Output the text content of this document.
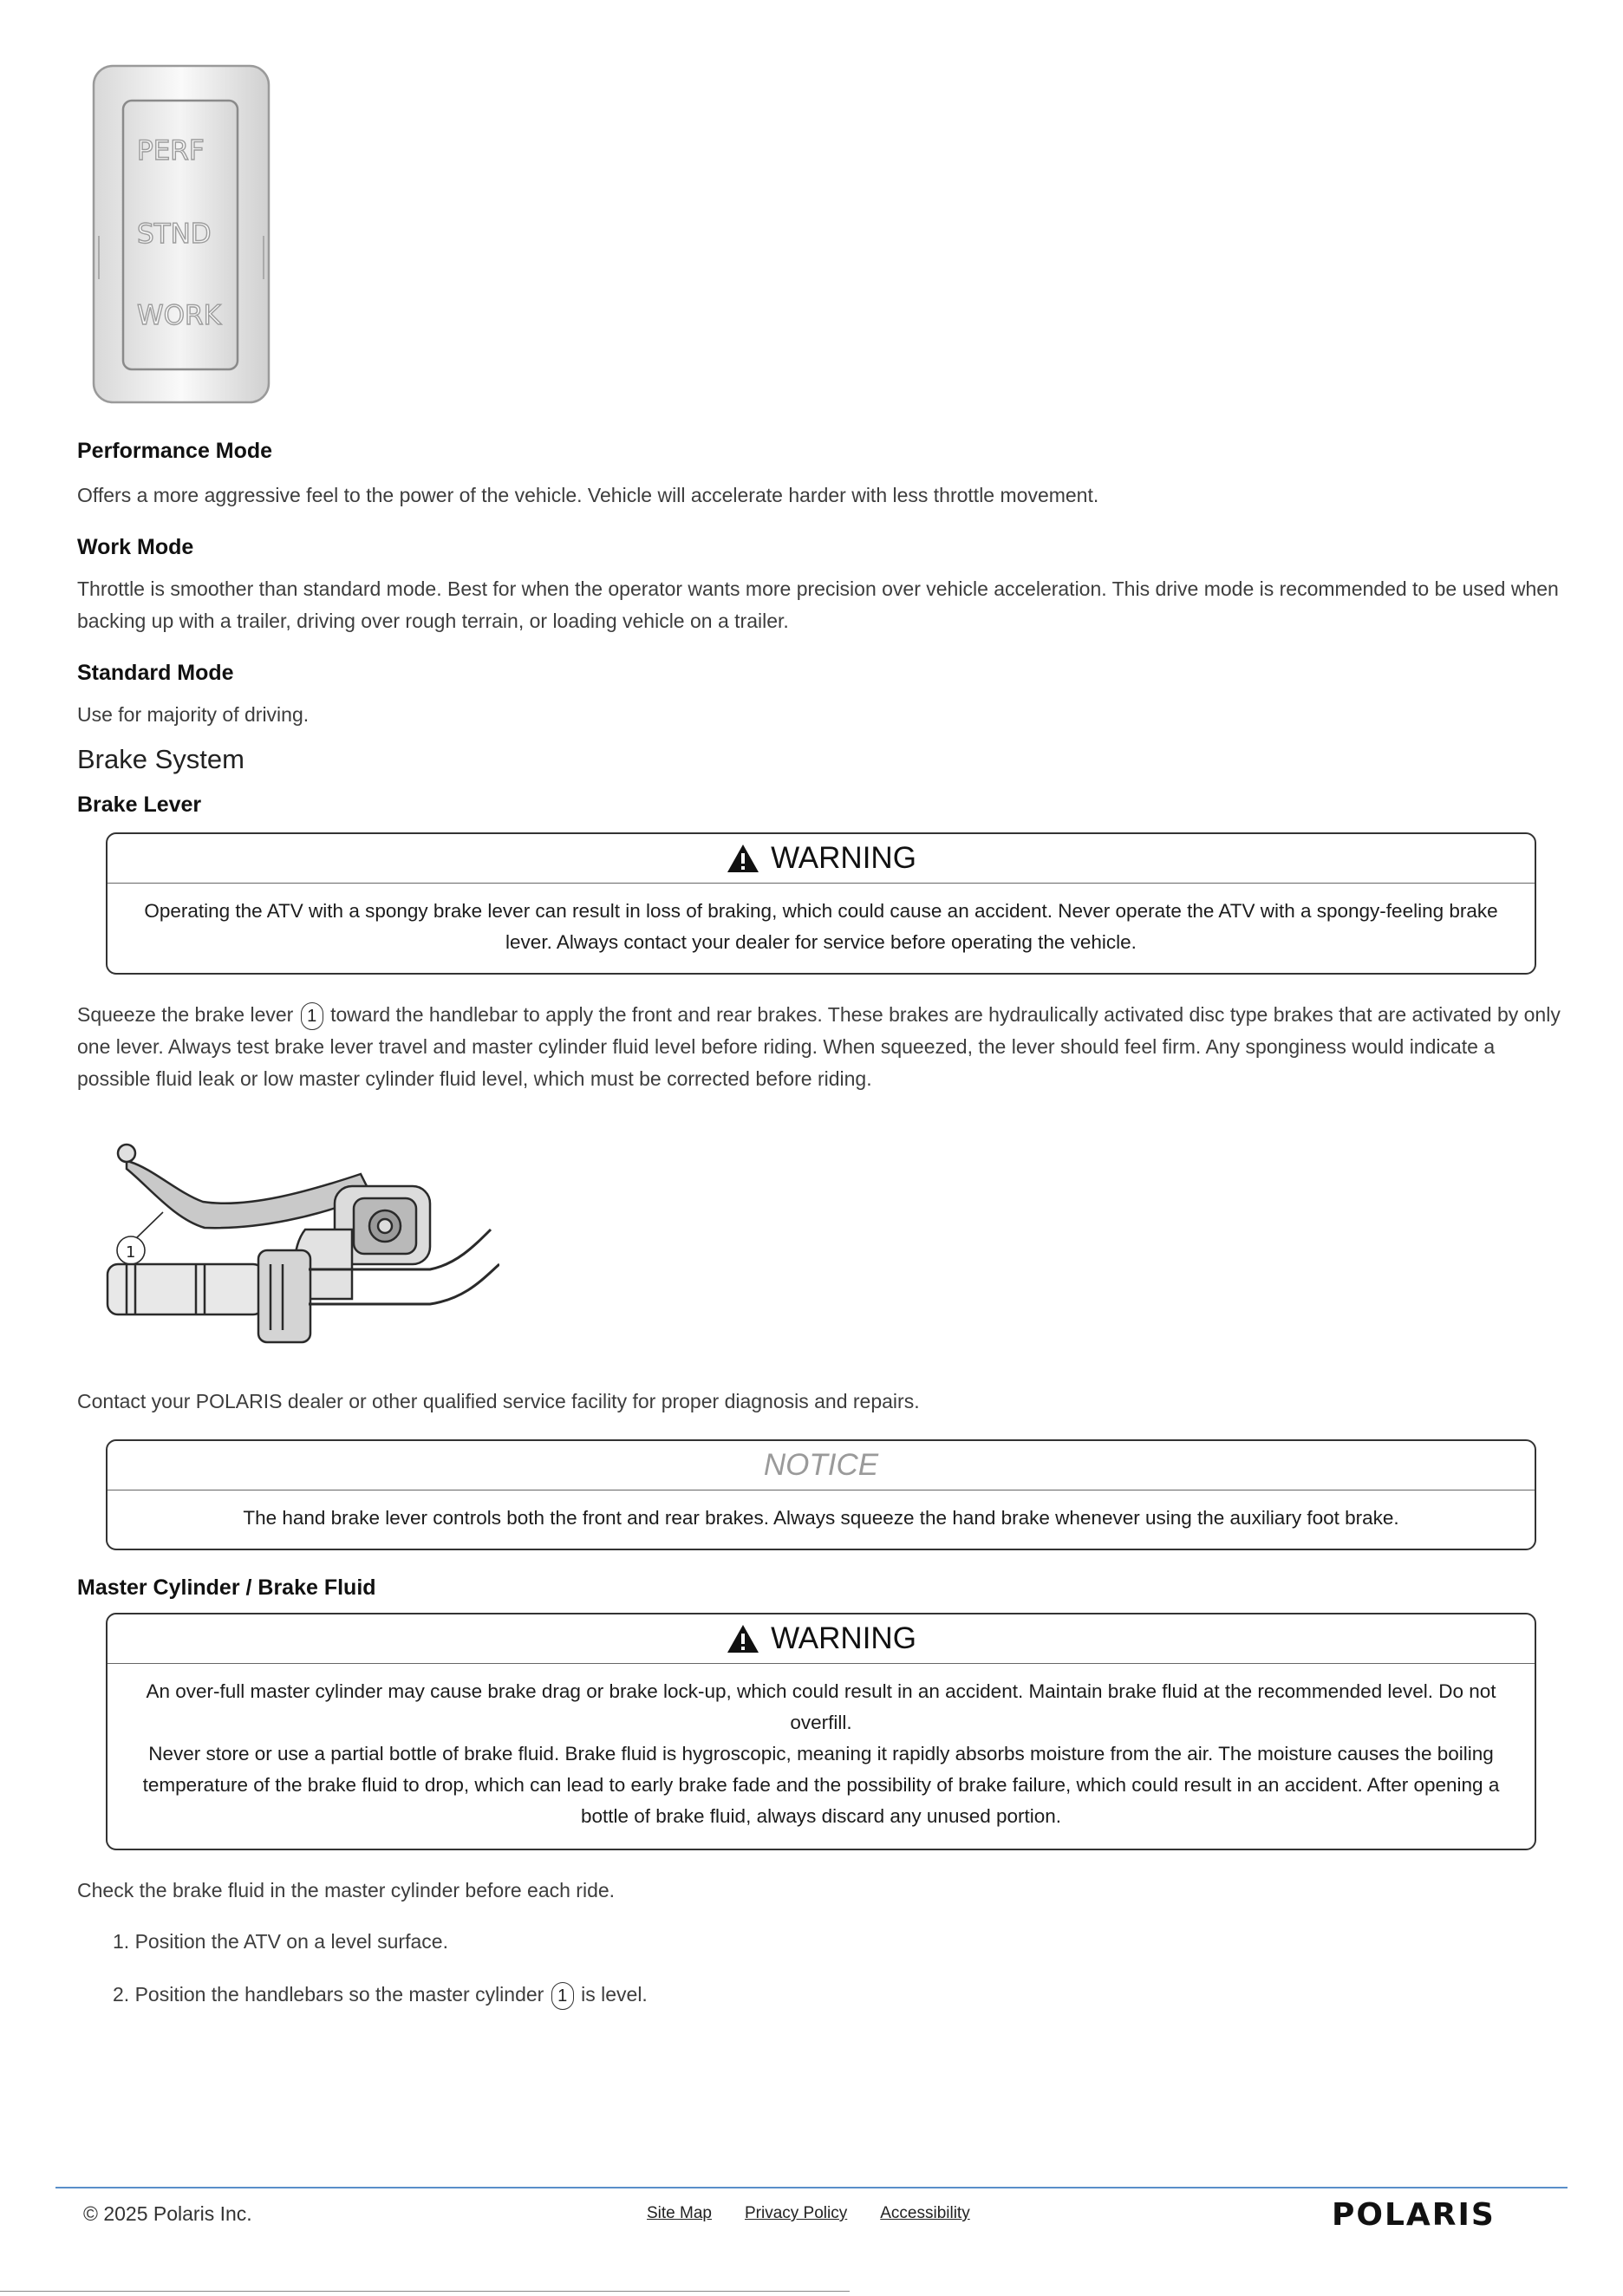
PERF
STND
WORK
Performance Mode
Offers a more aggressive feel to the power of the vehicle. Vehicle will accelerate harder with less throttle movement.
Work Mode
Throttle is smoother than standard mode. Best for when the operator wants more precision over vehicle acceleration. This drive mode is recommended to be used when backing up with a trailer, driving over rough terrain, or loading vehicle on a trailer.
Standard Mode
Use for majority of driving.
Brake System
Brake Lever
WARNING
Operating the ATV with a spongy brake lever can result in loss of braking, which could cause an accident. Never operate the ATV with a spongy-feeling brake lever. Always contact your dealer for service before operating the vehicle.
Squeeze the brake lever 1 toward the handlebar to apply the front and rear brakes. These brakes are hydraulically activated disc type brakes that are activated by only one lever. Always test brake lever travel and master cylinder fluid level before riding. When squeezed, the lever should feel firm. Any sponginess would indicate a possible fluid leak or low master cylinder fluid level, which must be corrected before riding.
1
Contact your POLARIS dealer or other qualified service facility for proper diagnosis and repairs.
NOTICE
The hand brake lever controls both the front and rear brakes. Always squeeze the hand brake whenever using the auxiliary foot brake.
Master Cylinder / Brake Fluid
WARNING
An over-full master cylinder may cause brake drag or brake lock-up, which could result in an accident. Maintain brake fluid at the recommended level. Do not overfill.
Never store or use a partial bottle of brake fluid. Brake fluid is hygroscopic, meaning it rapidly absorbs moisture from the air. The moisture causes the boiling temperature of the brake fluid to drop, which can lead to early brake fade and the possibility of brake failure, which could result in an accident. After opening a bottle of brake fluid, always discard any unused portion.
Check the brake fluid in the master cylinder before each ride.
1. Position the ATV on a level surface.
2. Position the handlebars so the master cylinder 1 is level.
© 2025 Polaris Inc.	Site Map Privacy Policy Accessibility	POLARIS
